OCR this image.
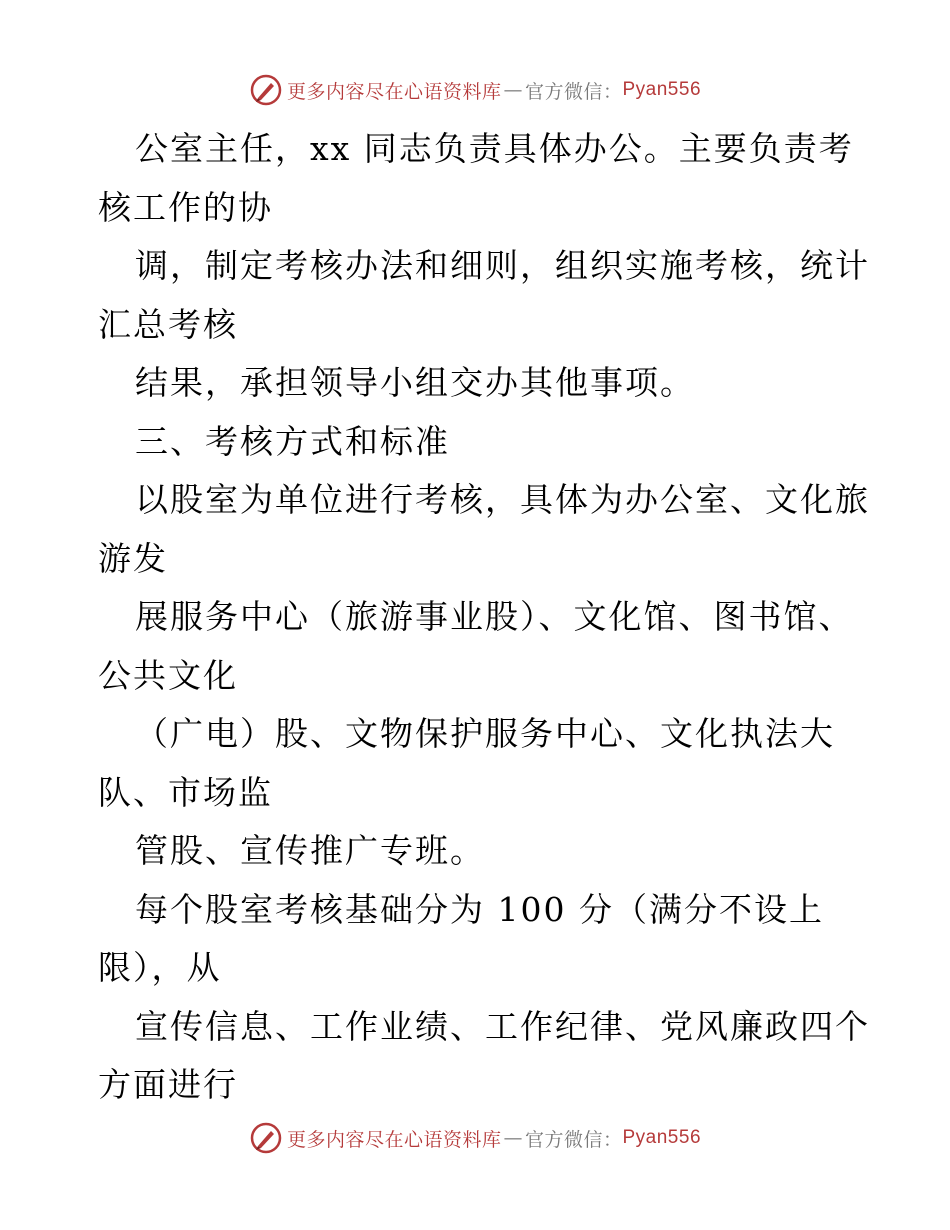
更多内容尽在心语资料库 — 官方微信： Pyan556
公室主任，xx 同志负责具体办公。主要负责考
核工作的协
调，制定考核办法和细则，组织实施考核，统计
汇总考核
结果，承担领导小组交办其他事项。
三、考核方式和标准
以股室为单位进行考核，具体为办公室、文化旅
游发
展服务中心（旅游事业股）、文化馆、图书馆、
公共文化
（广电）股、文物保护服务中心、文化执法大
队、市场监
管股、宣传推广专班。
每个股室考核基础分为 100 分（满分不设上
限），从
宣传信息、工作业绩、工作纪律、党风廉政四个
方面进行
更多内容尽在心语资料库 — 官方微信： Pyan556
